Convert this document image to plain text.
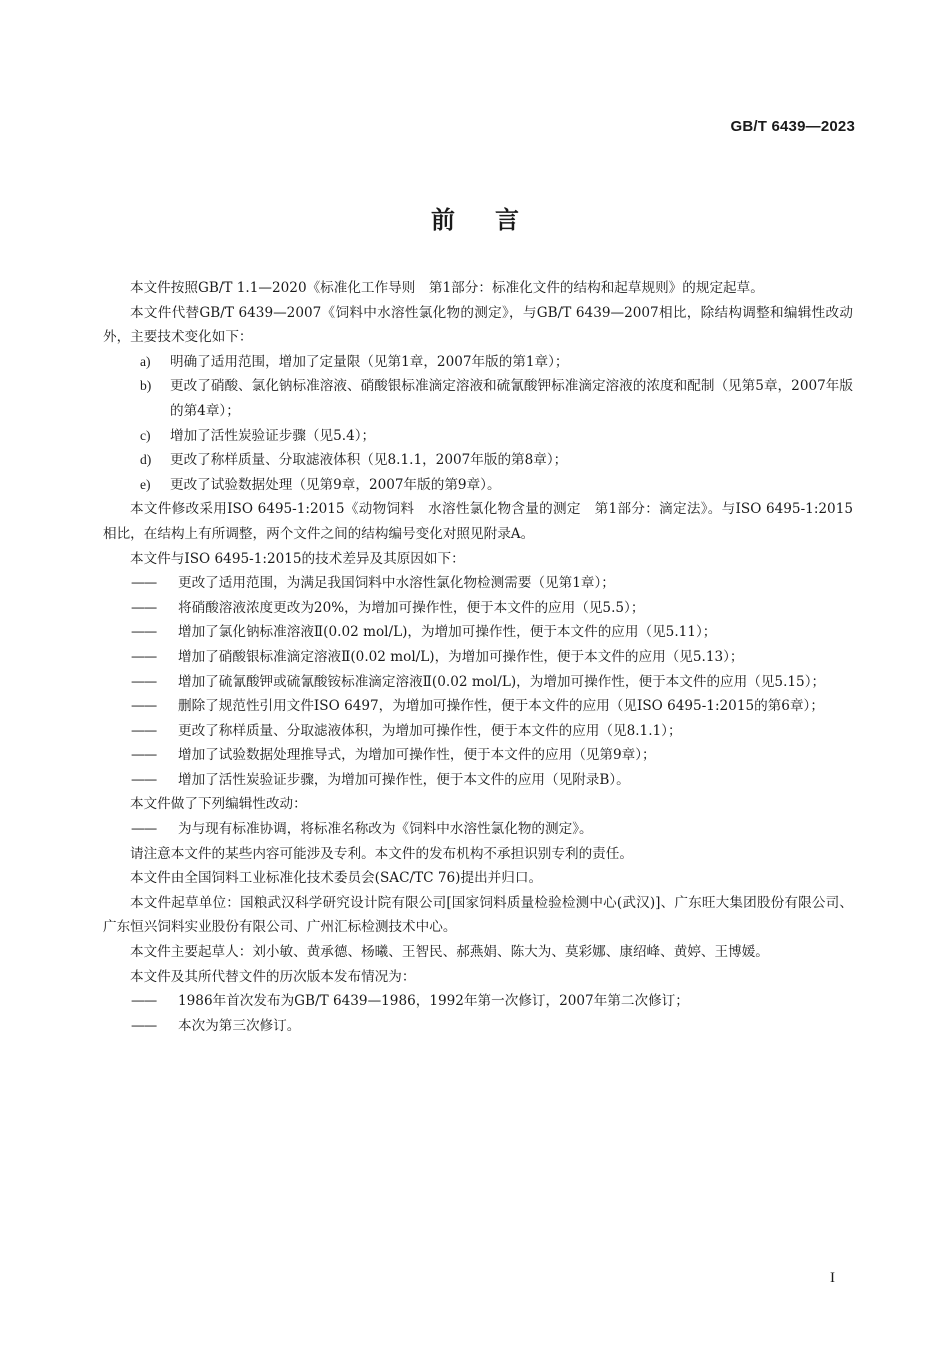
GB/T 6439—2023
前言

本文件按照GB/T 1.1—2020《标准化工作导则　第1部分：标准化文件的结构和起草规则》的规定起草。

本文件代替GB/T 6439—2007《饲料中水溶性氯化物的测定》，与GB/T 6439—2007相比，除结构调整和编辑性改动外，主要技术变化如下：

a)	明确了适用范围，增加了定量限（见第1章，2007年版的第1章）；
b)	更改了硝酸、氯化钠标准溶液、硝酸银标准滴定溶液和硫氰酸钾标准滴定溶液的浓度和配制（见第5章，2007年版的第4章）；
c)	增加了活性炭验证步骤（见5.4）；
d)	更改了称样质量、分取滤液体积（见8.1.1，2007年版的第8章）；
e)	更改了试验数据处理（见第9章，2007年版的第9章）。

本文件修改采用ISO 6495-1:2015《动物饲料　水溶性氯化物含量的测定　第1部分：滴定法》。与ISO 6495-1:2015相比，在结构上有所调整，两个文件之间的结构编号变化对照见附录A。

本文件与ISO 6495-1:2015的技术差异及其原因如下：

—— 更改了适用范围，为满足我国饲料中水溶性氯化物检测需要（见第1章）；
—— 将硝酸溶液浓度更改为20%，为增加可操作性，便于本文件的应用（见5.5）；
—— 增加了氯化钠标准溶液Ⅱ(0.02 mol/L)，为增加可操作性，便于本文件的应用（见5.11）；
—— 增加了硝酸银标准滴定溶液Ⅱ(0.02 mol/L)，为增加可操作性，便于本文件的应用（见5.13）；
—— 增加了硫氰酸钾或硫氰酸铵标准滴定溶液Ⅱ(0.02 mol/L)，为增加可操作性，便于本文件的应用（见5.15）；
—— 删除了规范性引用文件ISO 6497，为增加可操作性，便于本文件的应用（见ISO 6495-1:2015的第6章）；
—— 更改了称样质量、分取滤液体积，为增加可操作性，便于本文件的应用（见8.1.1）；
—— 增加了试验数据处理推导式，为增加可操作性，便于本文件的应用（见第9章）；
—— 增加了活性炭验证步骤，为增加可操作性，便于本文件的应用（见附录B）。

本文件做了下列编辑性改动：

—— 为与现有标准协调，将标准名称改为《饲料中水溶性氯化物的测定》。

请注意本文件的某些内容可能涉及专利。本文件的发布机构不承担识别专利的责任。

本文件由全国饲料工业标准化技术委员会(SAC/TC 76)提出并归口。

本文件起草单位：国粮武汉科学研究设计院有限公司[国家饲料质量检验检测中心(武汉)]、广东旺大集团股份有限公司、广东恒兴饲料实业股份有限公司、广州汇标检测技术中心。

本文件主要起草人：刘小敏、黄承德、杨曦、王智民、郝燕娟、陈大为、莫彩娜、康绍峰、黄婷、王博媛。

本文件及其所代替文件的历次版本发布情况为：

—— 1986年首次发布为GB/T 6439—1986，1992年第一次修订，2007年第二次修订；
—— 本次为第三次修订。
I
